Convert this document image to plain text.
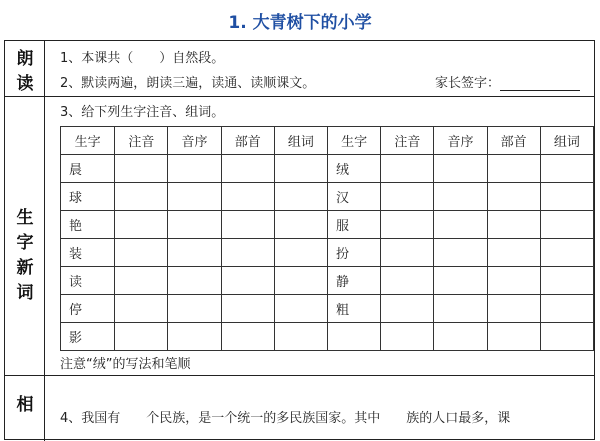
1. 大青树下的小学
朗
读
1、本课共（　　）自然段。
2、默读两遍，朗读三遍，读通、读顺课文。	家长签字：
生
字
新
词
3、给下列生字注音、组词。
生字	注音	音序	部首	组词	生字	注音	音序	部首	组词
晨					绒				
球					汉				
艳					服				
装					扮				
读					静				
停					粗				
影									
注意“绒”的写法和笔顺
相
4、我国有　　个民族，是一个统一的多民族国家。其中　　族的人口最多，课
